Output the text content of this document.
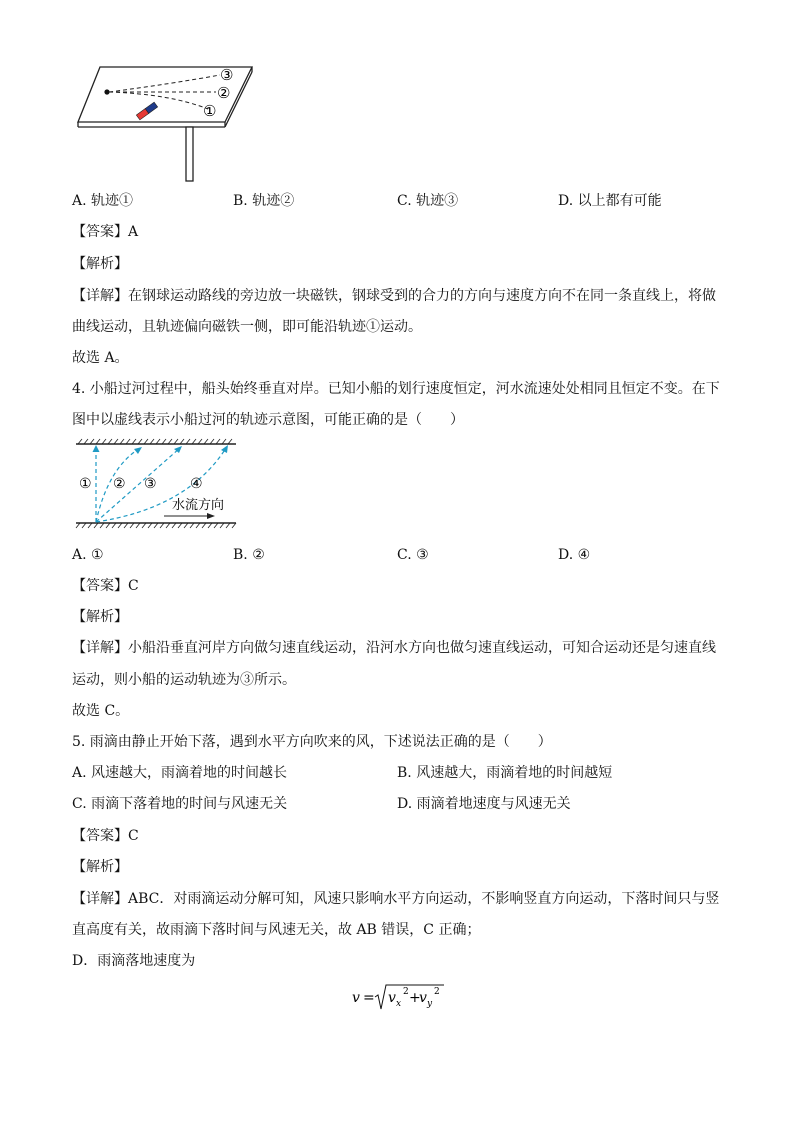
③
②
①
A. 轨迹①	B. 轨迹②	C. 轨迹③	D. 以上都有可能
【答案】A
【解析】
【详解】在钢球运动路线的旁边放一块磁铁，钢球受到的合力的方向与速度方向不在同一条直线上，将做
曲线运动，且轨迹偏向磁铁一侧，即可能沿轨迹①运动。
故选 A。
4. 小船过河过程中，船头始终垂直对岸。已知小船的划行速度恒定，河水流速处处相同且恒定不变。在下
图中以虚线表示小船过河的轨迹示意图，可能正确的是（　　）
① ② ③ ④
水流方向
A. ①	B. ②	C. ③	D. ④
【答案】C
【解析】
【详解】小船沿垂直河岸方向做匀速直线运动，沿河水方向也做匀速直线运动，可知合运动还是匀速直线
运动，则小船的运动轨迹为③所示。
故选 C。
5. 雨滴由静止开始下落，遇到水平方向吹来的风，下述说法正确的是（　　）
A. 风速越大，雨滴着地的时间越长	B. 风速越大，雨滴着地的时间越短
C. 雨滴下落着地的时间与风速无关	D. 雨滴着地速度与风速无关
【答案】C
【解析】
【详解】ABC．对雨滴运动分解可知，风速只影响水平方向运动，不影响竖直方向运动，下落时间只与竖
直高度有关，故雨滴下落时间与风速无关，故 AB 错误，C 正确；
D．雨滴落地速度为
v = v x
2 +
v y
2
